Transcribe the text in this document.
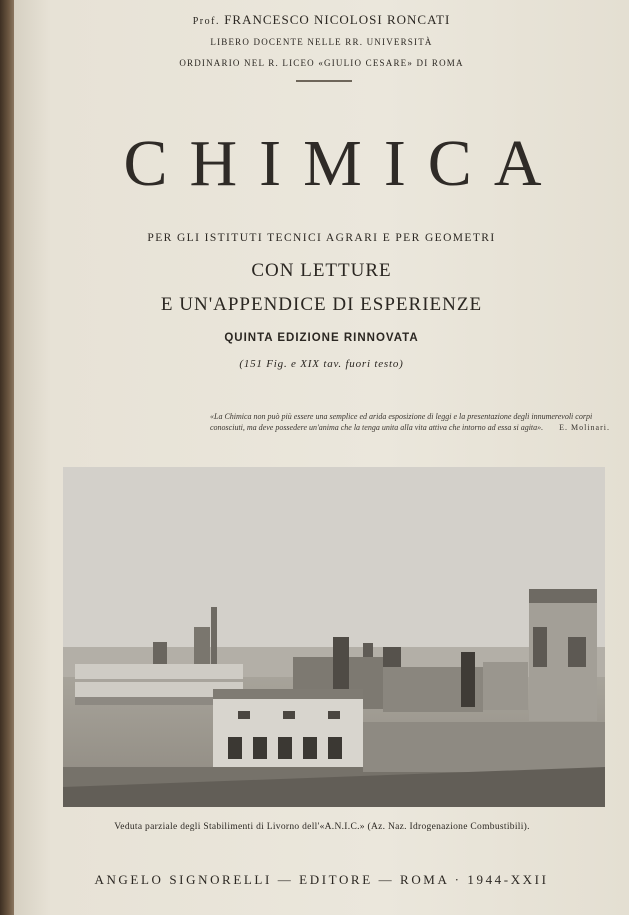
Prof. FRANCESCO NICOLOSI RONCATI
LIBERO DOCENTE NELLE RR. UNIVERSITÀ
ORDINARIO NEL R. LICEO «GIULIO CESARE» DI ROMA
CHIMICA
PER GLI ISTITUTI TECNICI AGRARI E PER GEOMETRI
CON LETTURE
E UN'APPENDICE DI ESPERIENZE
QUINTA EDIZIONE RINNOVATA
(151 Fig. e XIX tav. fuori testo)
«La Chimica non può più essere una semplice ed arida esposizione di leggi e la presentazione degli innumerevoli corpi conosciuti, ma deve possedere un'anima che la tenga unita alla vita attiva che intorno ad essa si agita». E. Molinari.
Veduta parziale degli Stabilimenti di Livorno dell'«A.N.I.C.» (Az. Naz. Idrogenazione Combustibili).
ANGELO SIGNORELLI — EDITORE — ROMA · 1944-XXII
